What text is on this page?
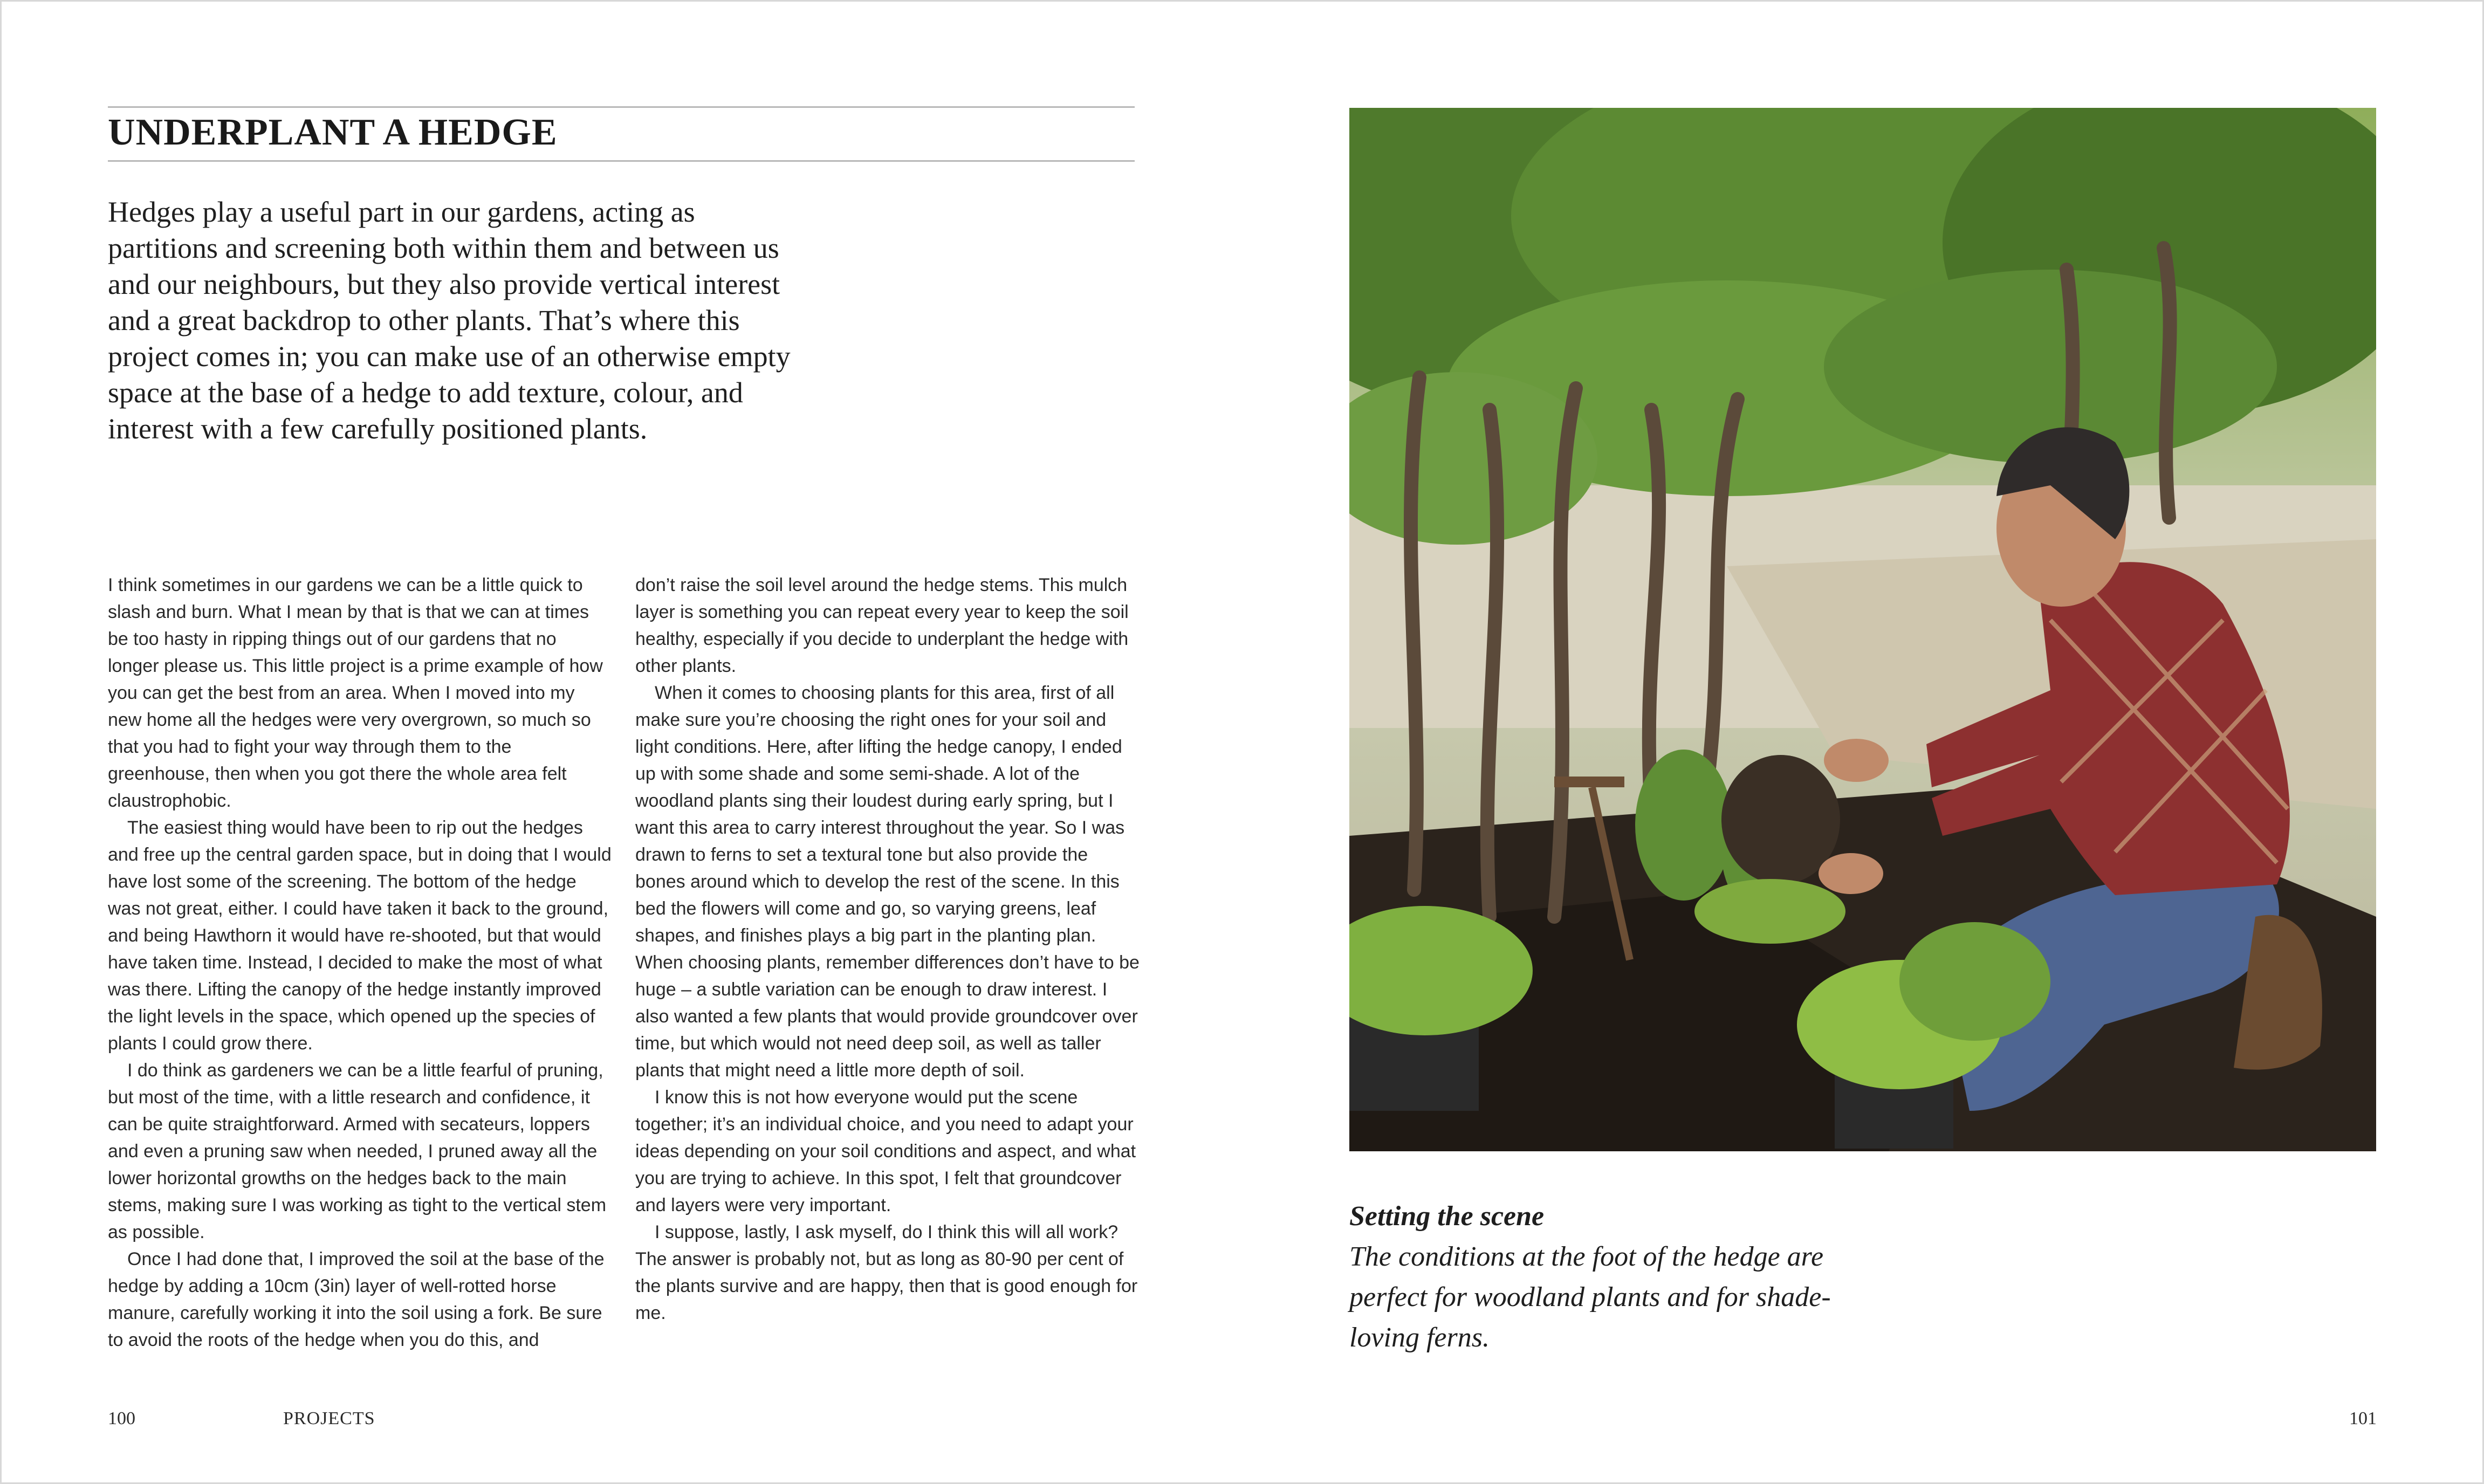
UNDERPLANT A HEDGE
Hedges play a useful part in our gardens, acting as partitions and screening both within them and between us and our neighbours, but they also provide vertical interest and a great backdrop to other plants. That’s where this project comes in; you can make use of an otherwise empty space at the base of a hedge to add texture, colour, and interest with a few carefully positioned plants.

I think sometimes in our gardens we can be a little quick to slash and burn. What I mean by that is that we can at times be too hasty in ripping things out of our gardens that no longer please us. This little project is a prime example of how you can get the best from an area. When I moved into my new home all the hedges were very overgrown, so much so that you had to fight your way through them to the greenhouse, then when you got there the whole area felt claustrophobic.

The easiest thing would have been to rip out the hedges and free up the central garden space, but in doing that I would have lost some of the screening. The bottom of the hedge was not great, either. I could have taken it back to the ground, and being Hawthorn it would have re-shooted, but that would have taken time. Instead, I decided to make the most of what was there. Lifting the canopy of the hedge instantly improved the light levels in the space, which opened up the species of plants I could grow there.

I do think as gardeners we can be a little fearful of pruning, but most of the time, with a little research and confidence, it can be quite straightforward. Armed with secateurs, loppers and even a pruning saw when needed, I pruned away all the lower horizontal growths on the hedges back to the main stems, making sure I was working as tight to the vertical stem as possible.

Once I had done that, I improved the soil at the base of the hedge by adding a 10cm (3in) layer of well-rotted horse manure, carefully working it into the soil using a fork. Be sure to avoid the roots of the hedge when you do this, and

don’t raise the soil level around the hedge stems. This mulch layer is something you can repeat every year to keep the soil healthy, especially if you decide to underplant the hedge with other plants.

When it comes to choosing plants for this area, first of all make sure you’re choosing the right ones for your soil and light conditions. Here, after lifting the hedge canopy, I ended up with some shade and some semi-shade. A lot of the woodland plants sing their loudest during early spring, but I want this area to carry interest throughout the year. So I was drawn to ferns to set a textural tone but also provide the bones around which to develop the rest of the scene. In this bed the flowers will come and go, so varying greens, leaf shapes, and finishes plays a big part in the planting plan. When choosing plants, remember differences don’t have to be huge – a subtle variation can be enough to draw interest. I also wanted a few plants that would provide groundcover over time, but which would not need deep soil, as well as taller plants that might need a little more depth of soil.

I know this is not how everyone would put the scene together; it’s an individual choice, and you need to adapt your ideas depending on your soil conditions and aspect, and what you are trying to achieve. In this spot, I felt that groundcover and layers were very important.

I suppose, lastly, I ask myself, do I think this will all work? The answer is probably not, but as long as 80-90 per cent of the plants survive and are happy, then that is good enough for me.

Setting the scene
The conditions at the foot of the hedge are perfect for woodland plants and for shade-loving ferns.
100	PROJECTS	101
